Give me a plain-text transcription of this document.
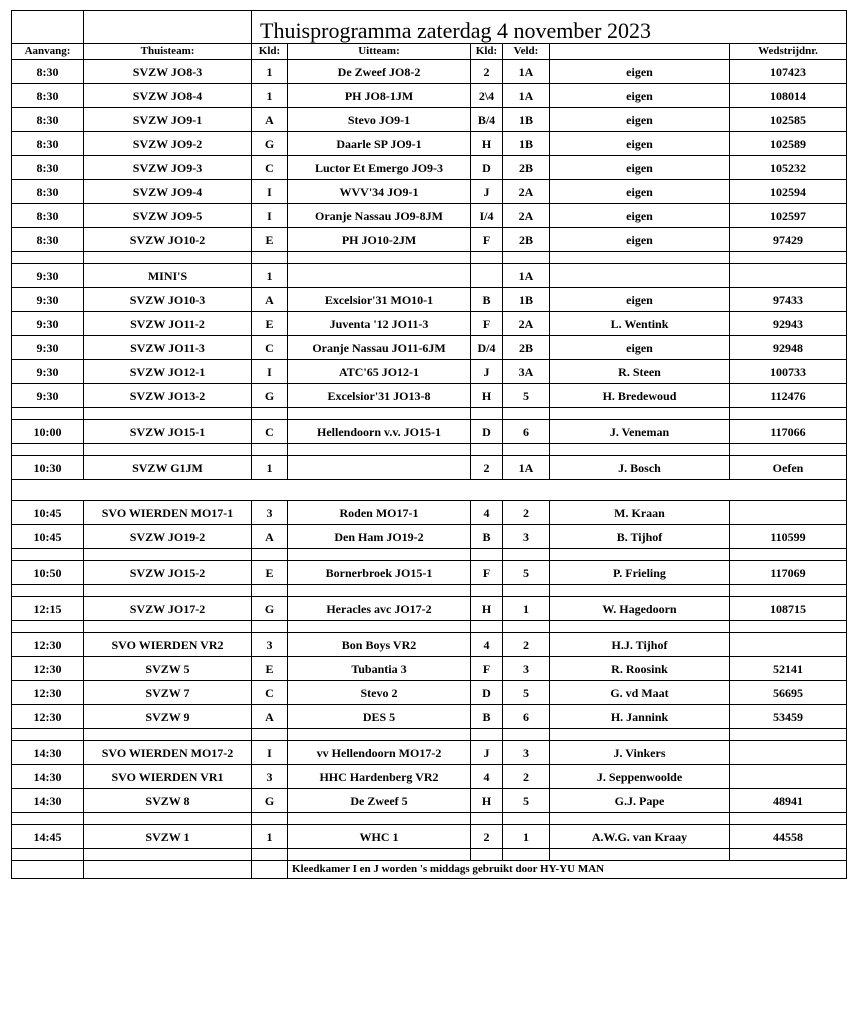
		Thuisprogramma zaterdag 4 november 2023					
Aanvang:	Thuisteam:	Kld:	Uitteam:	Kld:	Veld:		Wedstrijdnr.
8:30	SVZW JO8-3	1	De Zweef JO8-2	2	1A	eigen	107423
8:30	SVZW JO8-4	1	PH JO8-1JM	2\4	1A	eigen	108014
8:30	SVZW JO9-1	A	Stevo JO9-1	B/4	1B	eigen	102585
8:30	SVZW JO9-2	G	Daarle SP JO9-1	H	1B	eigen	102589
8:30	SVZW JO9-3	C	Luctor Et Emergo JO9-3	D	2B	eigen	105232
8:30	SVZW JO9-4	I	WVV'34 JO9-1	J	2A	eigen	102594
8:30	SVZW JO9-5	I	Oranje Nassau JO9-8JM	I/4	2A	eigen	102597
8:30	SVZW JO10-2	E	PH JO10-2JM	F	2B	eigen	97429

9:30	MINI'S	1			1A		
9:30	SVZW JO10-3	A	Excelsior'31 MO10-1	B	1B	eigen	97433
9:30	SVZW JO11-2	E	Juventa '12 JO11-3	F	2A	L. Wentink	92943
9:30	SVZW JO11-3	C	Oranje Nassau JO11-6JM	D/4	2B	eigen	92948
9:30	SVZW JO12-1	I	ATC'65 JO12-1	J	3A	R. Steen	100733
9:30	SVZW JO13-2	G	Excelsior'31 JO13-8	H	5	H. Bredewoud	112476

10:00	SVZW JO15-1	C	Hellendoorn v.v. JO15-1	D	6	J. Veneman	117066

10:30	SVZW G1JM	1		2	1A	J. Bosch	Oefen

10:45	SVO WIERDEN MO17-1	3	Roden MO17-1	4	2	M. Kraan	
10:45	SVZW JO19-2	A	Den Ham JO19-2	B	3	B. Tijhof	110599

10:50	SVZW JO15-2	E	Bornerbroek JO15-1	F	5	P. Frieling	117069

12:15	SVZW JO17-2	G	Heracles avc JO17-2	H	1	W. Hagedoorn	108715

12:30	SVO WIERDEN VR2	3	Bon Boys VR2	4	2	H.J. Tijhof	
12:30	SVZW 5	E	Tubantia 3	F	3	R. Roosink	52141
12:30	SVZW 7	C	Stevo 2	D	5	G. vd Maat	56695
12:30	SVZW 9	A	DES 5	B	6	H. Jannink	53459

14:30	SVO WIERDEN MO17-2	I	vv Hellendoorn MO17-2	J	3	J. Vinkers	
14:30	SVO WIERDEN VR1	3	HHC Hardenberg VR2	4	2	J. Seppenwoolde	
14:30	SVZW 8	G	De Zweef 5	H	5	G.J. Pape	48941

14:45	SVZW 1	1	WHC 1	2	1	A.W.G. van Kraay	44558

			Kleedkamer I en J worden 's middags gebruikt door HY-YU MAN				
